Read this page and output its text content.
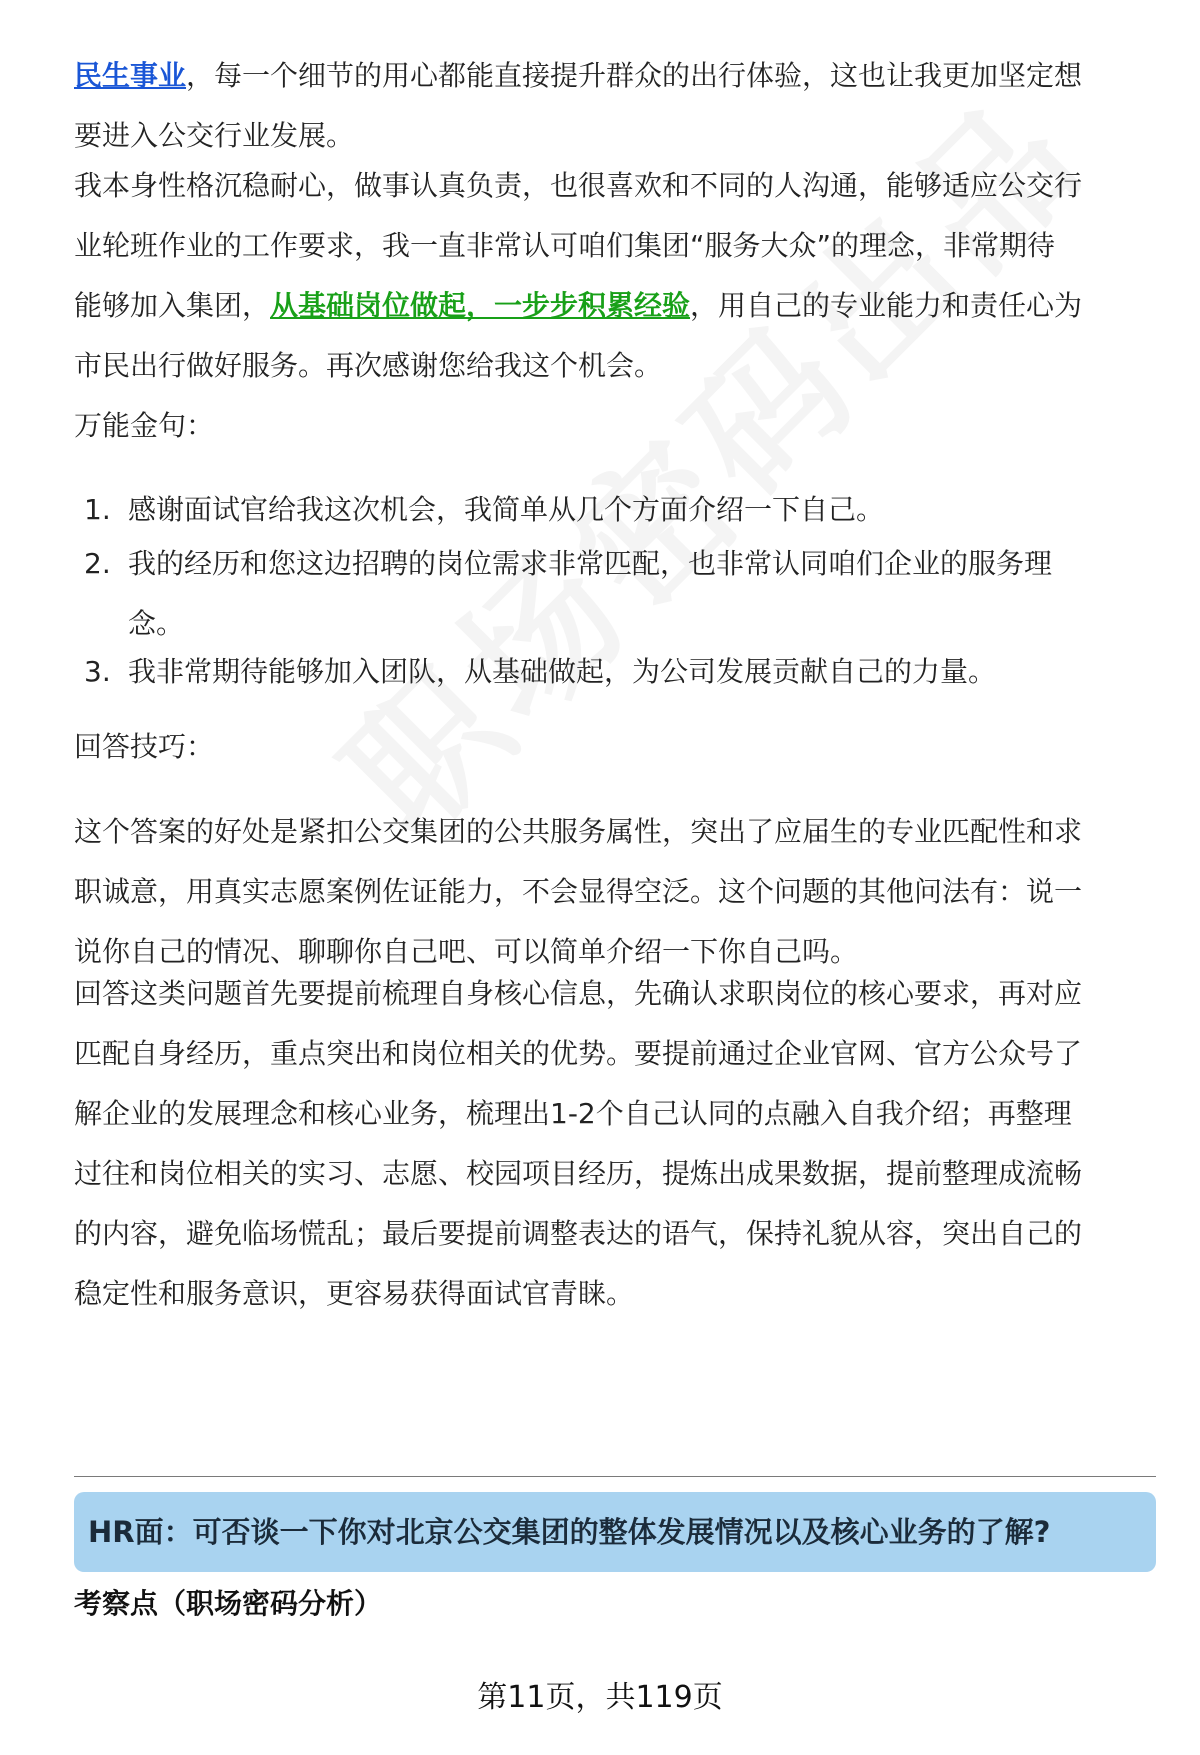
民生事业，每一个细节的用心都能直接提升群众的出行体验，这也让我更加坚定想
要进入公交行业发展。

我本身性格沉稳耐心，做事认真负责，也很喜欢和不同的人沟通，能够适应公交行
业轮班作业的工作要求，我一直非常认可咱们集团“服务大众”的理念，非常期待
能够加入集团，从基础岗位做起，一步步积累经验，用自己的专业能力和责任心为
市民出行做好服务。再次感谢您给我这个机会。

万能金句：
1. 感谢面试官给我这次机会，我简单从几个方面介绍一下自己。
2. 我的经历和您这边招聘的岗位需求非常匹配，也非常认同咱们企业的服务理
念。
3. 我非常期待能够加入团队，从基础做起，为公司发展贡献自己的力量。
回答技巧：

这个答案的好处是紧扣公交集团的公共服务属性，突出了应届生的专业匹配性和求
职诚意，用真实志愿案例佐证能力，不会显得空泛。这个问题的其他问法有：说一
说你自己的情况、聊聊你自己吧、可以简单介绍一下你自己吗。

回答这类问题首先要提前梳理自身核心信息，先确认求职岗位的核心要求，再对应
匹配自身经历，重点突出和岗位相关的优势。要提前通过企业官网、官方公众号了
解企业的发展理念和核心业务，梳理出1-2个自己认同的点融入自我介绍；再整理
过往和岗位相关的实习、志愿、校园项目经历，提炼出成果数据，提前整理成流畅
的内容，避免临场慌乱；最后要提前调整表达的语气，保持礼貌从容，突出自己的
稳定性和服务意识，更容易获得面试官青睐。

HR面：可否谈一下你对北京公交集团的整体发展情况以及核心业务的了解?
考察点（职场密码分析）
第11页，共119页
